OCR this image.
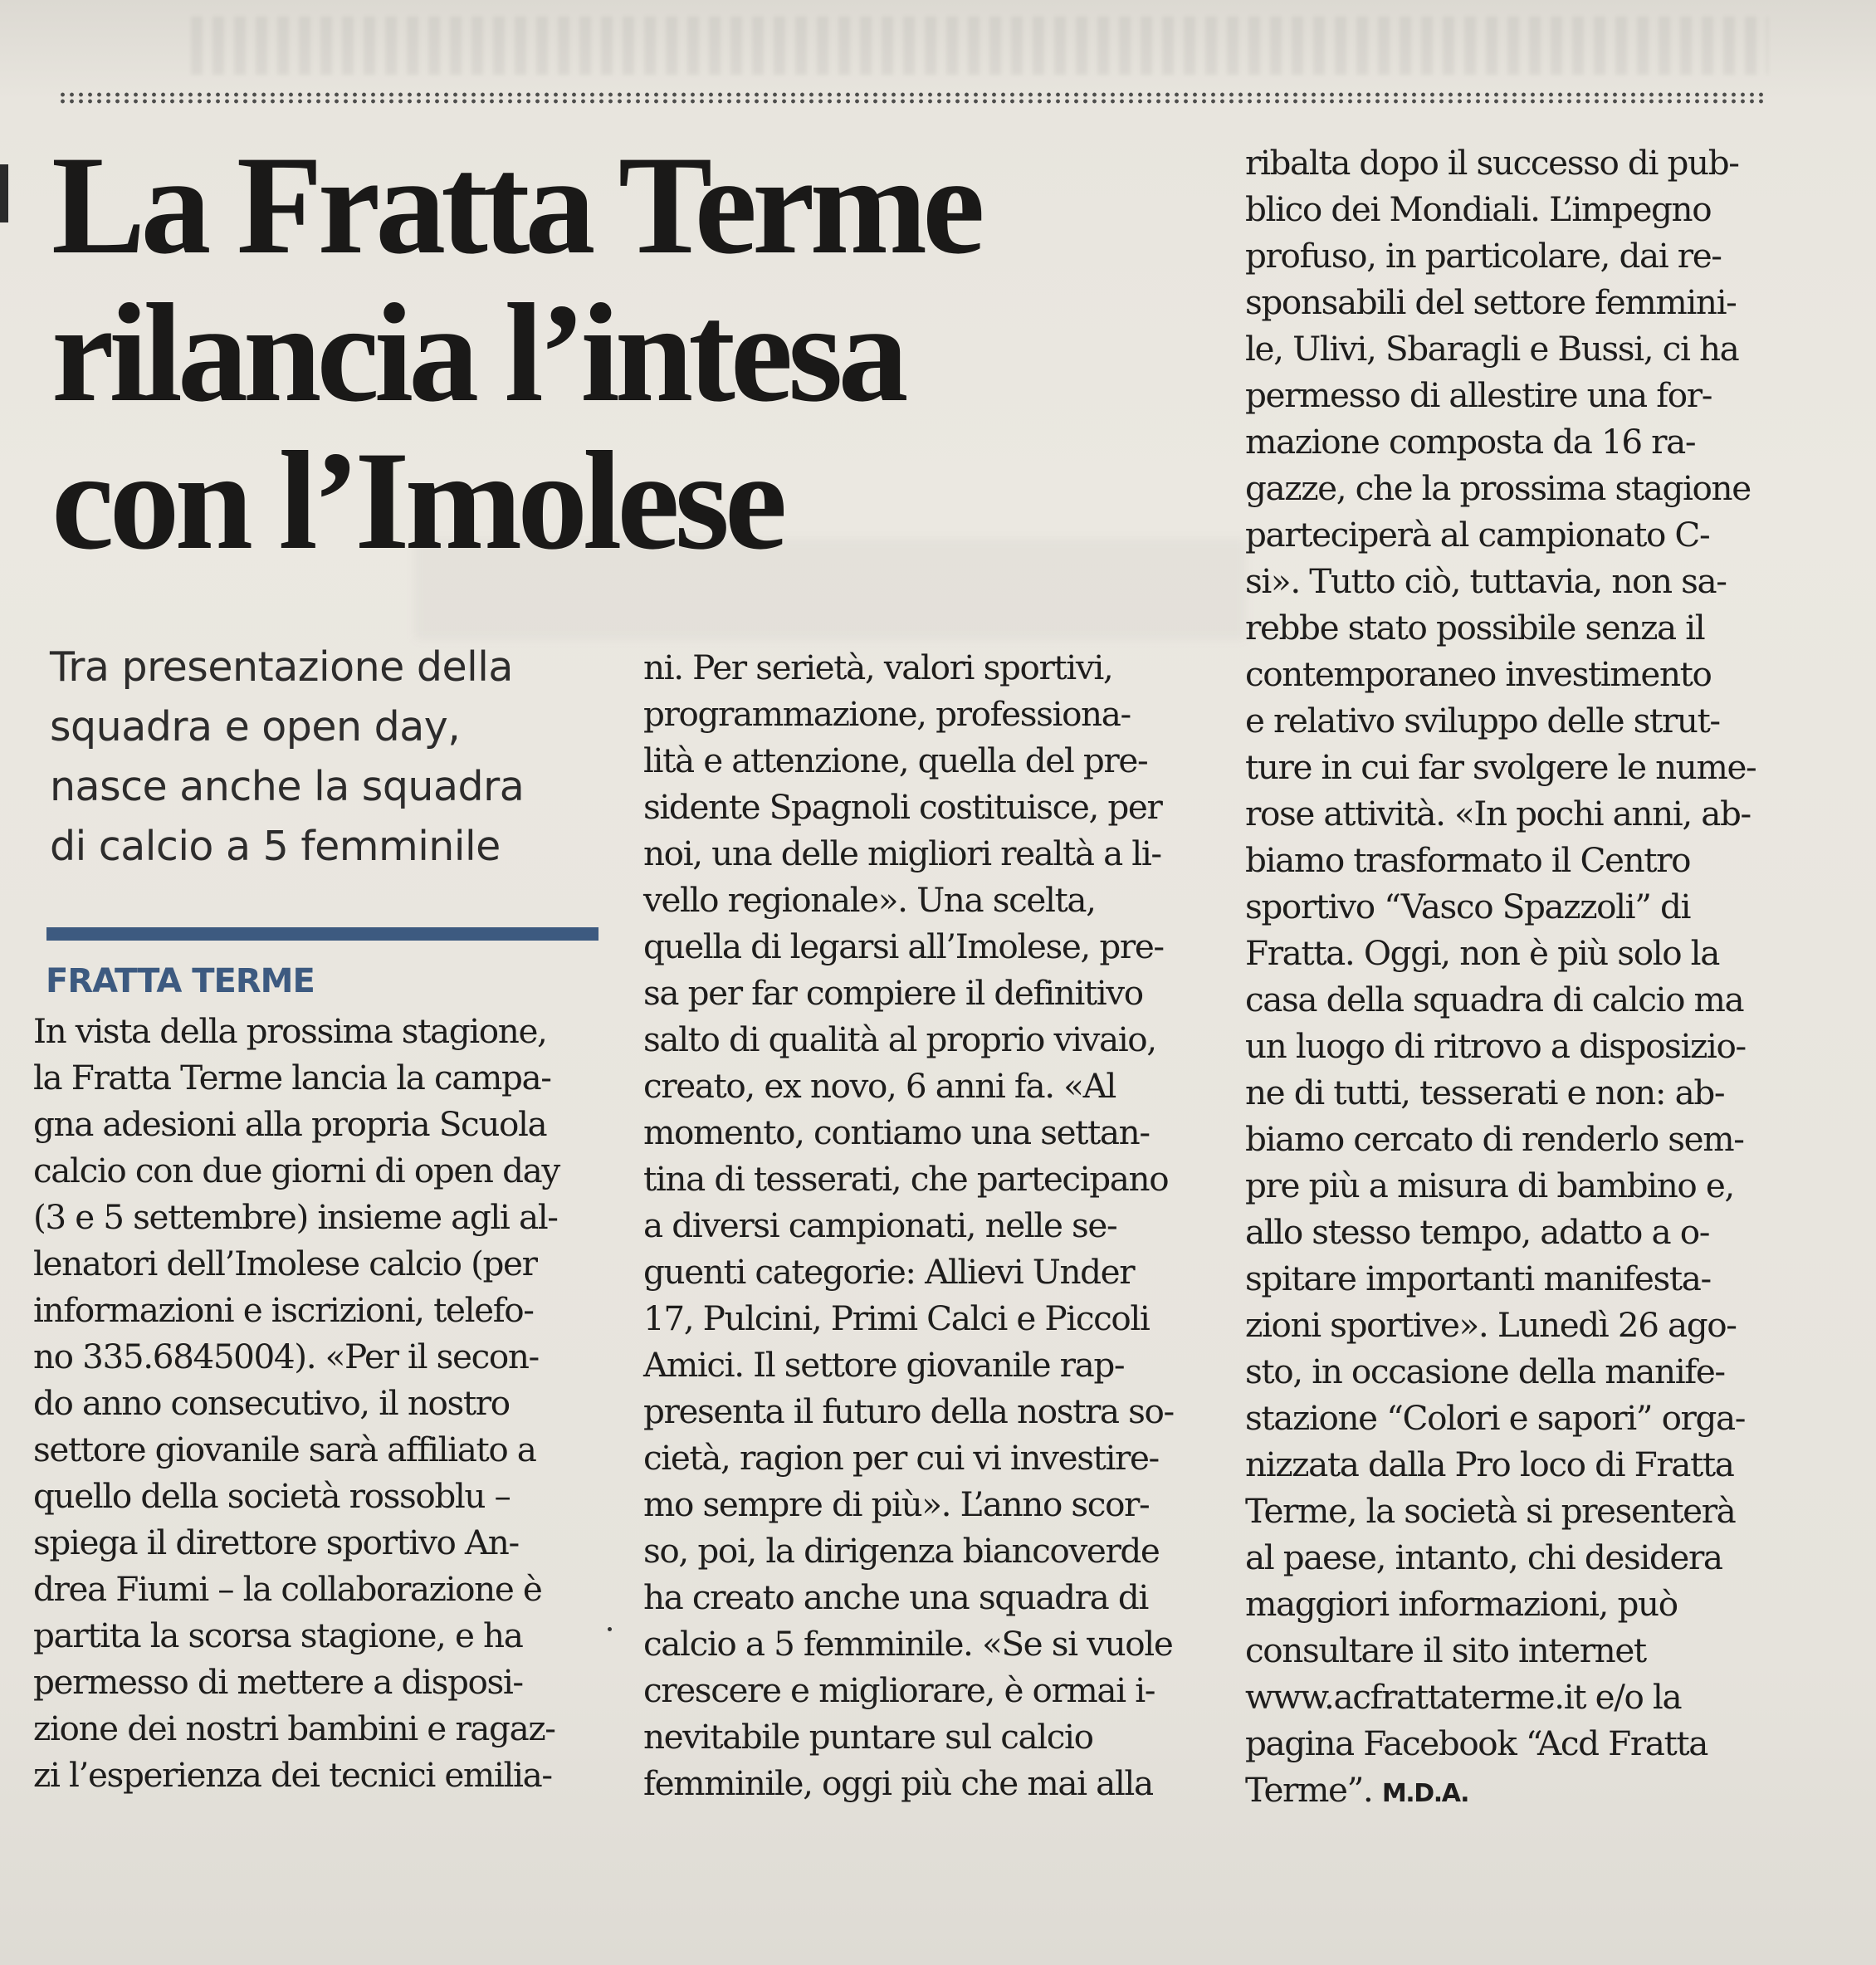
La Fratta Terme
rilancia l’intesa
con l’Imolese
Tra presentazione della
squadra e open day,
nasce anche la squadra
di calcio a 5 femminile
FRATTA TERME
In vista della prossima stagione,
la Fratta Terme lancia la campa-
gna adesioni alla propria Scuola
calcio con due giorni di open day
(3 e 5 settembre) insieme agli al-
lenatori dell’Imolese calcio (per
informazioni e iscrizioni, telefo-
no 335.6845004). «Per il secon-
do anno consecutivo, il nostro
settore giovanile sarà affiliato a
quello della società rossoblu –
spiega il direttore sportivo An-
drea Fiumi – la collaborazione è
partita la scorsa stagione, e ha
permesso di mettere a disposi-
zione dei nostri bambini e ragaz-
zi l’esperienza dei tecnici emilia-
ni. Per serietà, valori sportivi,
programmazione, professiona-
lità e attenzione, quella del pre-
sidente Spagnoli costituisce, per
noi, una delle migliori realtà a li-
vello regionale». Una scelta,
quella di legarsi all’Imolese, pre-
sa per far compiere il definitivo
salto di qualità al proprio vivaio,
creato, ex novo, 6 anni fa. «Al
momento, contiamo una settan-
tina di tesserati, che partecipano
a diversi campionati, nelle se-
guenti categorie: Allievi Under
17, Pulcini, Primi Calci e Piccoli
Amici. Il settore giovanile rap-
presenta il futuro della nostra so-
cietà, ragion per cui vi investire-
mo sempre di più». L’anno scor-
so, poi, la dirigenza biancoverde
ha creato anche una squadra di
calcio a 5 femminile. «Se si vuole
crescere e migliorare, è ormai i-
nevitabile puntare sul calcio
femminile, oggi più che mai alla
ribalta dopo il successo di pub-
blico dei Mondiali. L’impegno
profuso, in particolare, dai re-
sponsabili del settore femmini-
le, Ulivi, Sbaragli e Bussi, ci ha
permesso di allestire una for-
mazione composta da 16 ra-
gazze, che la prossima stagione
parteciperà al campionato C-
si». Tutto ciò, tuttavia, non sa-
rebbe stato possibile senza il
contemporaneo investimento
e relativo sviluppo delle strut-
ture in cui far svolgere le nume-
rose attività. «In pochi anni, ab-
biamo trasformato il Centro
sportivo “Vasco Spazzoli” di
Fratta. Oggi, non è più solo la
casa della squadra di calcio ma
un luogo di ritrovo a disposizio-
ne di tutti, tesserati e non: ab-
biamo cercato di renderlo sem-
pre più a misura di bambino e,
allo stesso tempo, adatto a o-
spitare importanti manifesta-
zioni sportive». Lunedì 26 ago-
sto, in occasione della manife-
stazione “Colori e sapori” orga-
nizzata dalla Pro loco di Fratta
Terme, la società si presenterà
al paese, intanto, chi desidera
maggiori informazioni, può
consultare il sito internet
www.acfrattaterme.it e/o la
pagina Facebook “Acd Fratta
Terme”. M.D.A.
